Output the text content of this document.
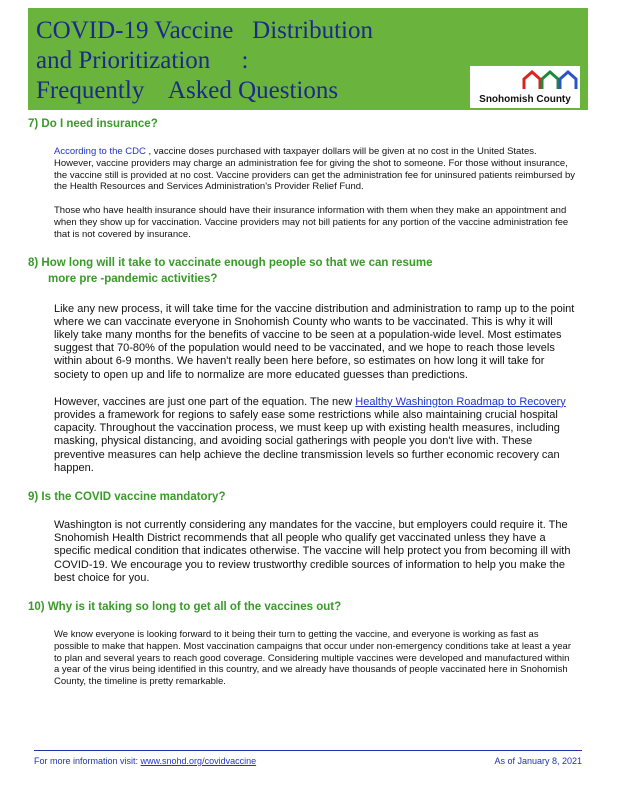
COVID-19 Vaccine   Distribution
and Prioritization     :
Frequently    Asked Questions	Snohomish County

7) Do I need insurance?

According to the CDC , vaccine doses purchased with taxpayer dollars will be given at no cost in the United States. However, vaccine providers may charge an administration fee for giving the shot to someone. For those without insurance, the vaccine still is provided at no cost. Vaccine providers can get the administration fee for uninsured patients reimbursed by the Health Resources and Services Administration's Provider Relief Fund.

Those who have health insurance should have their insurance information with them when they make an appointment and when they show up for vaccination. Vaccine providers may not bill patients for any portion of the vaccine administration fee that is not covered by insurance.

8) How long will it take to vaccinate enough people so that we can resume
more pre -pandemic activities?

Like any new process, it will take time for the vaccine distribution and administration to ramp up to the point where we can vaccinate everyone in Snohomish County who wants to be vaccinated. This is why it will likely take many months for the benefits of vaccine to be seen at a population-wide level. Most estimates suggest that 70-80% of the population would need to be vaccinated, and we hope to reach those levels within about 6-9 months. We haven't really been here before, so estimates on how long it will take for society to open up and life to normalize are more educated guesses than predictions.

However, vaccines are just one part of the equation. The new Healthy Washington Roadmap to Recovery provides a framework for regions to safely ease some restrictions while also maintaining crucial hospital capacity. Throughout the vaccination process, we must keep up with existing health measures, including masking, physical distancing, and avoiding social gatherings with people you don't live with. These preventive measures can help achieve the decline transmission levels so further economic recovery can happen.

9) Is the COVID vaccine mandatory?

Washington is not currently considering any mandates for the vaccine, but employers could require it. The Snohomish Health District recommends that all people who qualify get vaccinated unless they have a specific medical condition that indicates otherwise. The vaccine will help protect you from becoming ill with COVID-19. We encourage you to review trustworthy credible sources of information to help you make the best choice for you.

10) Why is it taking so long to get all of the vaccines out?

We know everyone is looking forward to it being their turn to getting the vaccine, and everyone is working as fast as possible to make that happen. Most vaccination campaigns that occur under non-emergency conditions take at least a year to plan and several years to reach good coverage. Considering multiple vaccines were developed and manufactured within a year of the virus being identified in this country, and we already have thousands of people vaccinated here in Snohomish County, the timeline is pretty remarkable.

For more information visit: www.snohd.org/covidvaccine	As of January 8, 2021
